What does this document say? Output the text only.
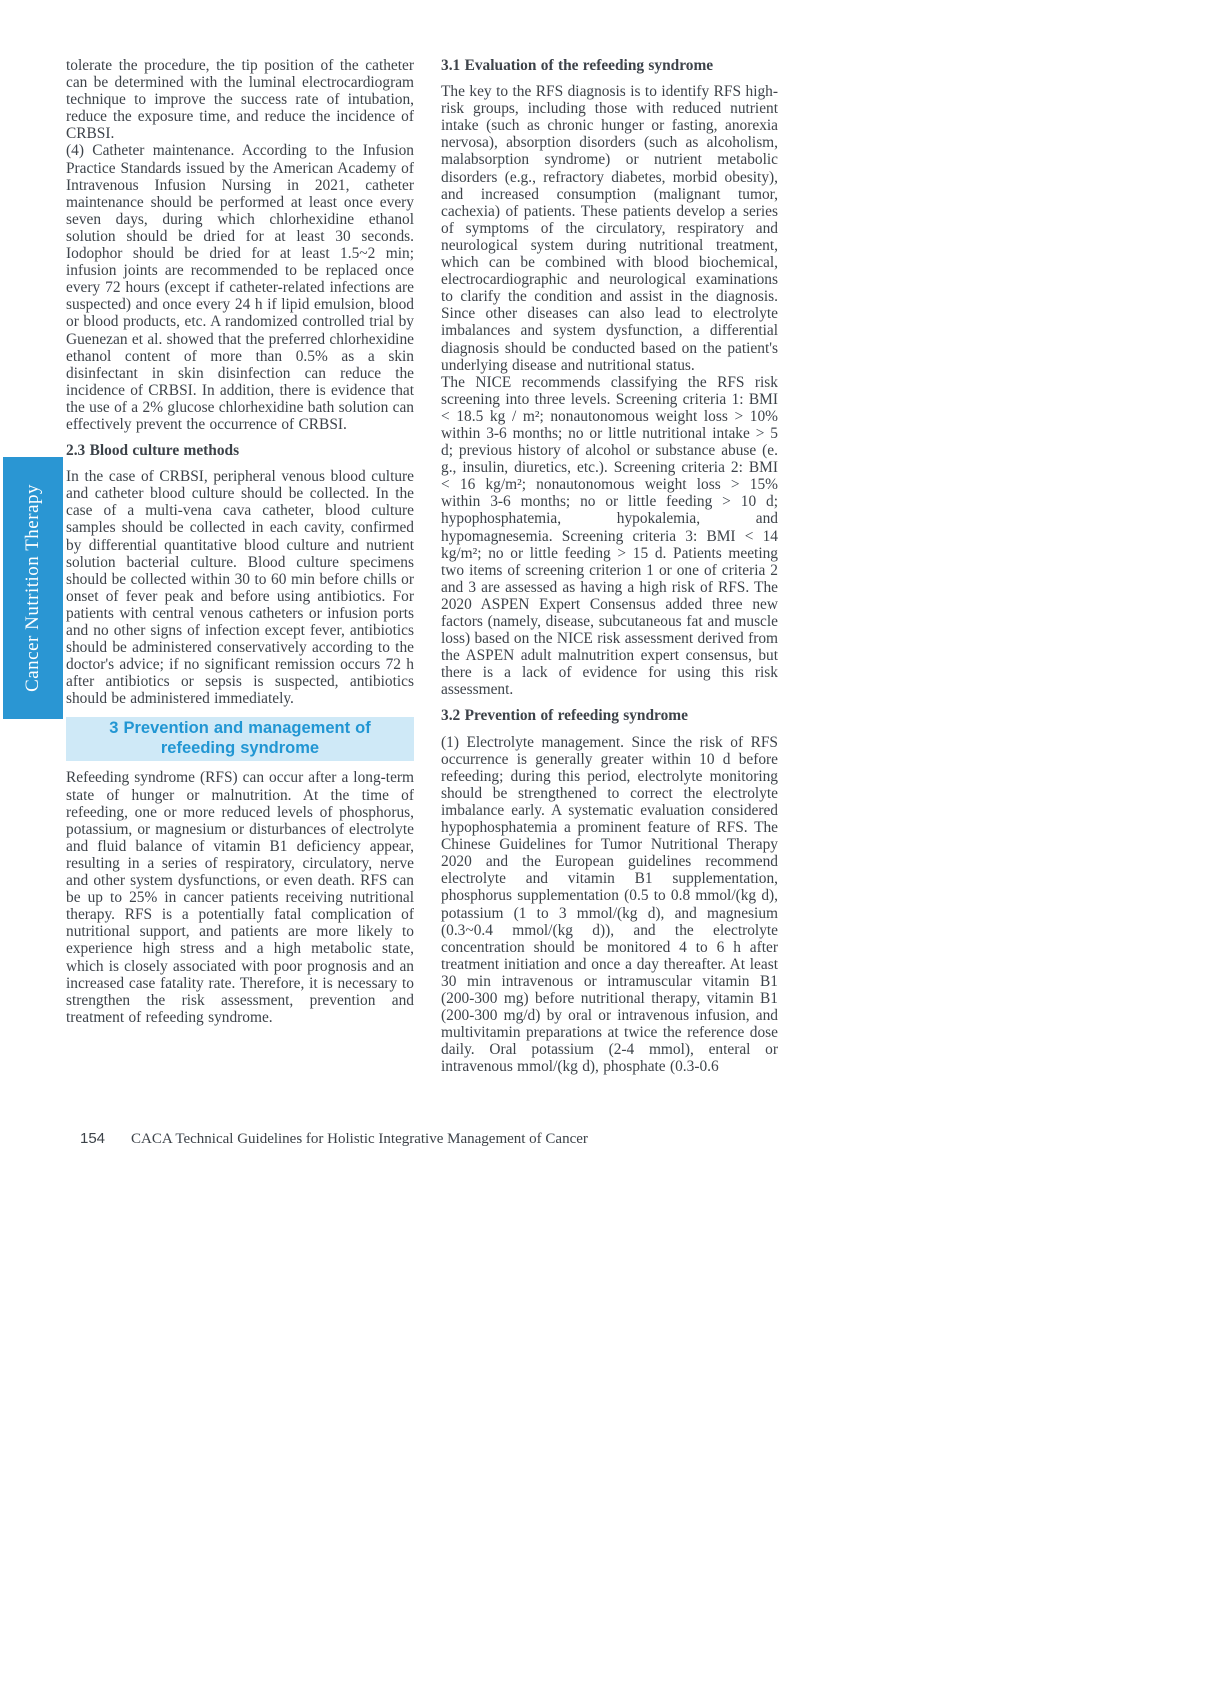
Cancer Nutrition Therapy

tolerate the procedure, the tip position of the catheter can be determined with the luminal electrocardiogram technique to improve the success rate of intubation, reduce the exposure time, and reduce the incidence of CRBSI.

(4) Catheter maintenance. According to the Infusion Practice Standards issued by the American Academy of Intravenous Infusion Nursing in 2021, catheter maintenance should be performed at least once every seven days, during which chlorhexidine ethanol solution should be dried for at least 30 seconds. Iodophor should be dried for at least 1.5~2 min; infusion joints are recommended to be replaced once every 72 hours (except if catheter-related infections are suspected) and once every 24 h if lipid emulsion, blood or blood products, etc. A randomized controlled trial by Guenezan et al. showed that the preferred chlorhexidine ethanol content of more than 0.5% as a skin disinfectant in skin disinfection can reduce the incidence of CRBSI. In addition, there is evidence that the use of a 2% glucose chlorhexidine bath solution can effectively prevent the occurrence of CRBSI.

2.3 Blood culture methods

In the case of CRBSI, peripheral venous blood culture and catheter blood culture should be collected. In the case of a multi-vena cava catheter, blood culture samples should be collected in each cavity, confirmed by differential quantitative blood culture and nutrient solution bacterial culture. Blood culture specimens should be collected within 30 to 60 min before chills or onset of fever peak and before using antibiotics. For patients with central venous catheters or infusion ports and no other signs of infection except fever, antibiotics should be administered conservatively according to the doctor's advice; if no significant remission occurs 72 h after antibiotics or sepsis is suspected, antibiotics should be administered immediately.

3 Prevention and management of refeeding syndrome

Refeeding syndrome (RFS) can occur after a long-term state of hunger or malnutrition. At the time of refeeding, one or more reduced levels of phosphorus, potassium, or magnesium or disturbances of electrolyte and fluid balance of vitamin B1 deficiency appear, resulting in a series of respiratory, circulatory, nerve and other system dysfunctions, or even death. RFS can be up to 25% in cancer patients receiving nutritional therapy. RFS is a potentially fatal complication of nutritional support, and patients are more likely to experience high stress and a high metabolic state, which is closely associated with poor prognosis and an increased case fatality rate. Therefore, it is necessary to strengthen the risk assessment, prevention and treatment of refeeding syndrome.

3.1 Evaluation of the refeeding syndrome

The key to the RFS diagnosis is to identify RFS high-risk groups, including those with reduced nutrient intake (such as chronic hunger or fasting, anorexia nervosa), absorption disorders (such as alcoholism, malabsorption syndrome) or nutrient metabolic disorders (e.g., refractory diabetes, morbid obesity), and increased consumption (malignant tumor, cachexia) of patients. These patients develop a series of symptoms of the circulatory, respiratory and neurological system during nutritional treatment, which can be combined with blood biochemical, electrocardiographic and neurological examinations to clarify the condition and assist in the diagnosis. Since other diseases can also lead to electrolyte imbalances and system dysfunction, a differential diagnosis should be conducted based on the patient's underlying disease and nutritional status.

The NICE recommends classifying the RFS risk screening into three levels. Screening criteria 1: BMI < 18.5 kg / m²; nonautonomous weight loss > 10% within 3-6 months; no or little nutritional intake > 5 d; previous history of alcohol or substance abuse (e. g., insulin, diuretics, etc.). Screening criteria 2: BMI < 16 kg/m²; nonautonomous weight loss > 15% within 3-6 months; no or little feeding > 10 d; hypophosphatemia, hypokalemia, and hypomagnesemia. Screening criteria 3: BMI < 14 kg/m²; no or little feeding > 15 d. Patients meeting two items of screening criterion 1 or one of criteria 2 and 3 are assessed as having a high risk of RFS. The 2020 ASPEN Expert Consensus added three new factors (namely, disease, subcutaneous fat and muscle loss) based on the NICE risk assessment derived from the ASPEN adult malnutrition expert consensus, but there is a lack of evidence for using this risk assessment.

3.2 Prevention of refeeding syndrome

(1) Electrolyte management. Since the risk of RFS occurrence is generally greater within 10 d before refeeding; during this period, electrolyte monitoring should be strengthened to correct the electrolyte imbalance early. A systematic evaluation considered hypophosphatemia a prominent feature of RFS. The Chinese Guidelines for Tumor Nutritional Therapy 2020 and the European guidelines recommend electrolyte and vitamin B1 supplementation, phosphorus supplementation (0.5 to 0.8 mmol/(kg d), potassium (1 to 3 mmol/(kg d), and magnesium (0.3~0.4 mmol/(kg d)), and the electrolyte concentration should be monitored 4 to 6 h after treatment initiation and once a day thereafter. At least 30 min intravenous or intramuscular vitamin B1 (200-300 mg) before nutritional therapy, vitamin B1 (200-300 mg/d) by oral or intravenous infusion, and multivitamin preparations at twice the reference dose daily. Oral potassium (2-4 mmol), enteral or intravenous mmol/(kg d), phosphate (0.3-0.6

154 CACA Technical Guidelines for Holistic Integrative Management of Cancer
